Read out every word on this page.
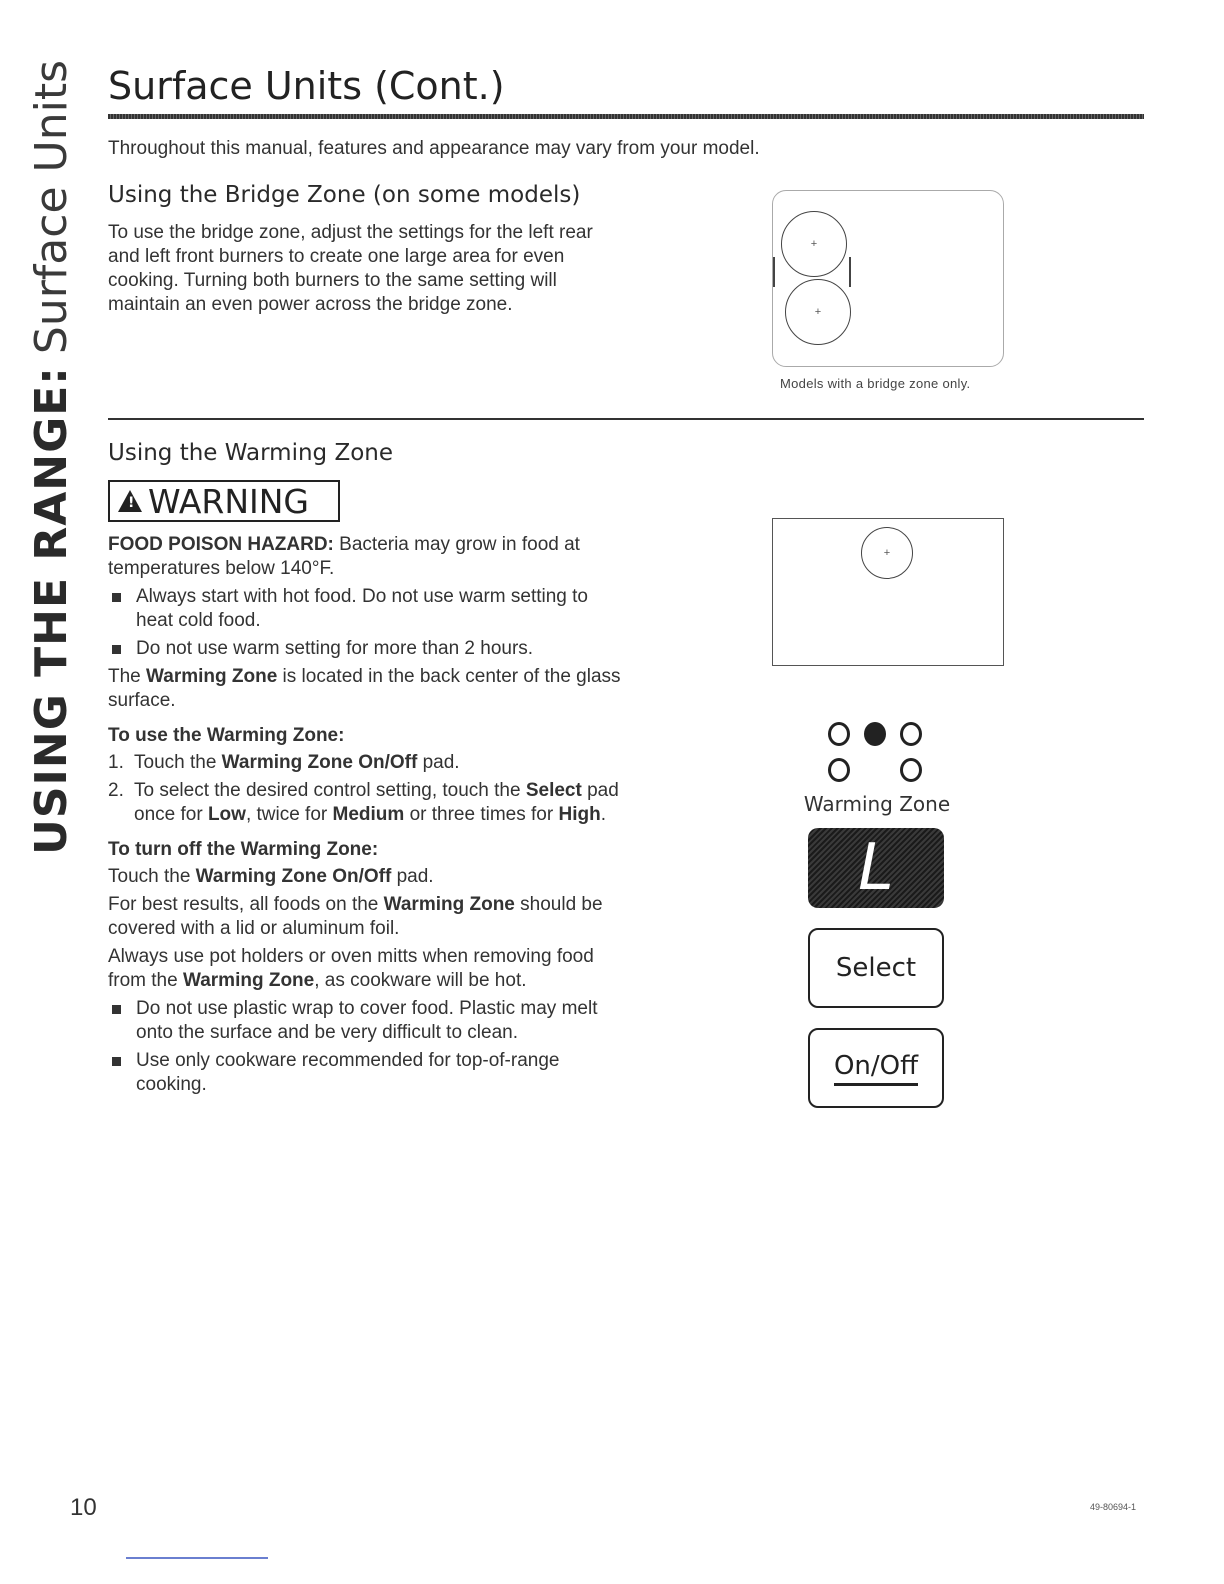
USING THE RANGE:
Surface Units Surface Units (Cont.)
Throughout this manual, features and appearance may vary from your model.
Using the Bridge Zone (on some models)

To use the bridge zone, adjust the settings for the left rear and left front burners to create one large area for even cooking. Turning both burners to the same setting will maintain an even power across the bridge zone.

+
+
Models with a bridge zone only.
Using the Warming Zone
! WARNING

FOOD POISON HAZARD: Bacteria may grow in food at temperatures below 140°F.

Always start with hot food. Do not use warm setting to heat cold food.

Do not use warm setting for more than 2 hours.

The Warming Zone is located in the back center of the glass surface.

To use the Warming Zone:

1. Touch the Warming Zone On/Off pad.

2. To select the desired control setting, touch the Select pad once for Low, twice for Medium or three times for High.

To turn off the Warming Zone:

Touch the Warming Zone On/Off pad.

For best results, all foods on the Warming Zone should be covered with a lid or aluminum foil.

Always use pot holders or oven mitts when removing food from the Warming Zone, as cookware will be hot.

Do not use plastic wrap to cover food. Plastic may melt onto the surface and be very difficult to clean.

Use only cookware recommended for top-of-range cooking.

+
Warming Zone
L
Select
On/Off
10	49-80694-1
